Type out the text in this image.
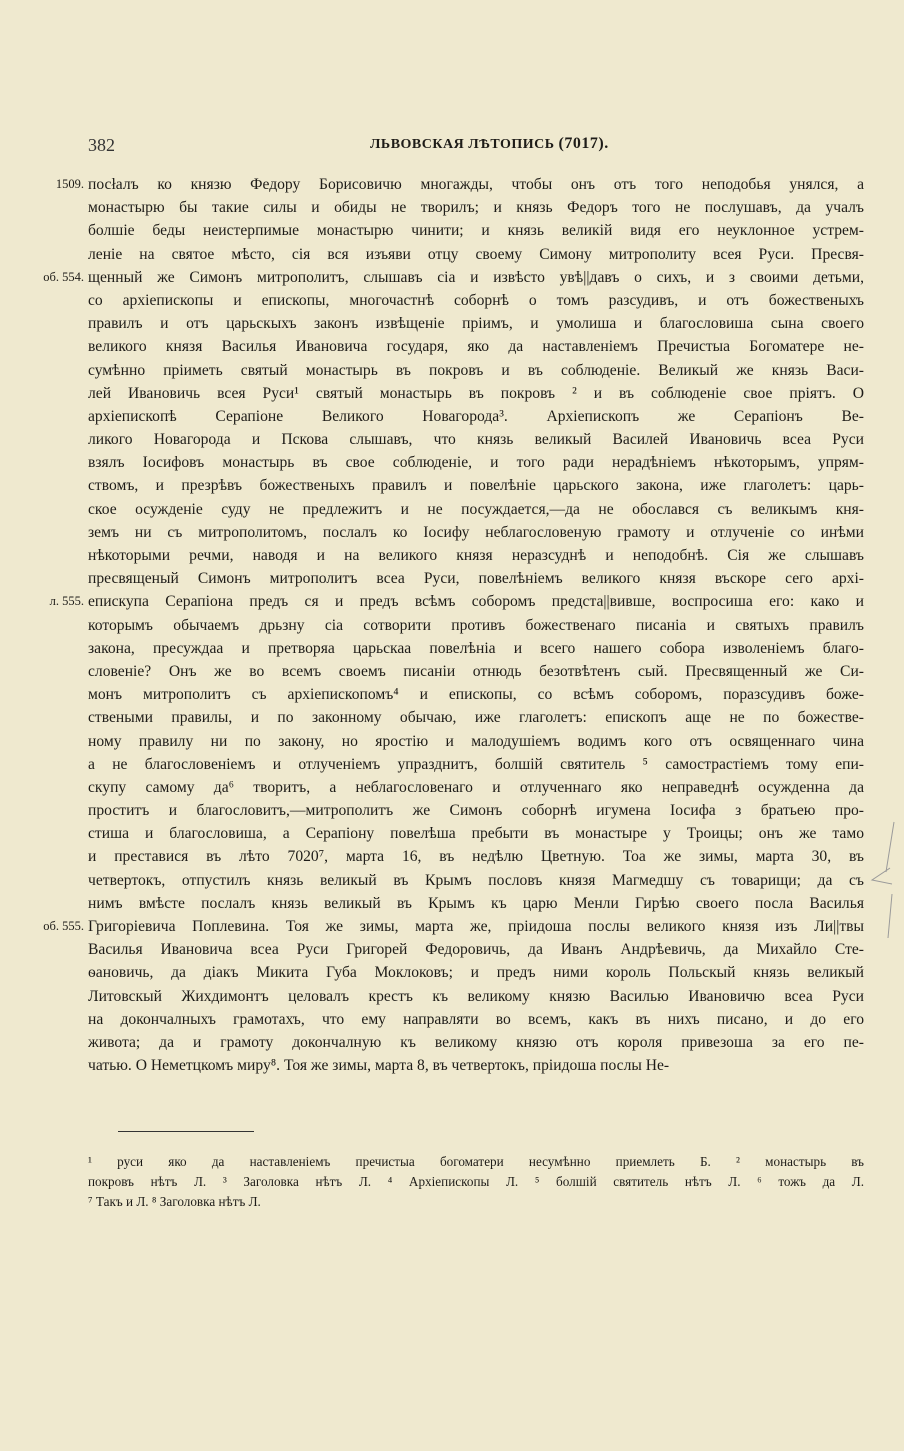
382	ЛЬВОВСКАЯ ЛѢТОПИСЬ (7017).
1509. посłалъ ко князю Федору Борисовичю многажды, чтобы онъ отъ того неподобья унялся, а
монастырю бы такие силы и обиды не творилъ; и князь Федоръ того не послушавъ, да учалъ
болшіе беды неистерпимые монастырю чинити; и князь великій видя его неуклонное устрем-
леніе на святое мѣсто, сія вся изъяви отцу своему Симону митрополиту всея Руси. Пресвя-
об. 554. щенный же Симонъ митрополитъ, слышавъ сіа и извѣсто увѣ||давъ о сихъ, и з своими детьми,
со архіепископы и епископы, многочастнѣ соборнѣ о томъ разсудивъ, и отъ божественыхъ
правилъ и отъ царьскыхъ законъ извѣщеніе пріимъ, и умолиша и благословиша сына своего
великого князя Василья Ивановича государя, яко да наставленіемъ Пречистыа Богоматере не-
сумѣнно пріиметь святый монастырь въ покровъ и въ соблюденіе. Великый же князь Васи-
лей Ивановичь всея Руси¹ святый монастырь въ покровъ ² и въ соблюденіе свое пріятъ. О
архіепископѣ Серапіоне Великого Новагорода³. Архіепископъ же Серапіонъ Ве-
ликого Новагорода и Пскова слышавъ, что князь великый Василей Ивановичь всеа Руси
взялъ Іосифовъ монастырь въ свое соблюденіе, и того ради нерадѣніемъ нѣкоторымъ, упрям-
ствомъ, и презрѣвъ божественыхъ правилъ и повелѣніе царьского закона, иже глаголетъ: царь-
ское осужденіе суду не предлежитъ и не посуждается,—да не обослався съ великымъ кня-
земъ ни съ митрополитомъ, послалъ ко Іосифу неблагословеную грамоту и отлученіе со инѣми
нѣкоторыми речми, наводя и на великого князя неразсуднѣ и неподобнѣ. Сія же слышавъ
пресвященый Симонъ митрополитъ всеа Руси, повелѣніемъ великого князя въскоре сего архі-
л. 555. епискупа Серапіона предъ ся и предъ всѣмъ соборомъ предста||вивше, воспросиша его: како и
которымъ обычаемъ дрьзну сіа сотворити противъ божественаго писаніа и святыхъ правилъ
закона, пресуждаа и претворяа царьскаа повелѣніа и всего нашего собора изволеніемъ благо-
словеніе? Онъ же во всемъ своемъ писаніи отнюдь безотвѣтенъ сый. Пресвященный же Си-
монъ митрополитъ съ архіепископомъ⁴ и епископы, со всѣмъ соборомъ, поразсудивъ боже-
ствеными правилы, и по законному обычаю, иже глаголетъ: епископъ аще не по божестве-
ному правилу ни по закону, но яростію и малодушіемъ водимъ кого отъ освященнаго чина
а не благословеніемъ и отлученіемъ упразднитъ, болшій святитель ⁵ самострастіемъ тому епи-
скупу самому да⁶ творитъ, а неблагословенаго и отлученнаго яко неправеднѣ осужденна да
проститъ и благословитъ,—митрополитъ же Симонъ соборнѣ игумена Іосифа з братьею про-
стиша и благословиша, а Серапіону повелѣша пребыти въ монастыре у Троицы; онъ же тамо
и преставися въ лѣто 7020⁷, марта 16, въ недѣлю Цветную. Тоа же зимы, марта 30, въ
четвертокъ, отпустилъ князь великый въ Крымъ пословъ князя Магмедшу съ товарищи; да съ
нимъ вмѣсте послалъ князь великый въ Крымъ къ царю Менли Гирѣю своего посла Василья
об. 555. Григоріевича Поплевина. Тоя же зимы, марта же, пріидоша послы великого князя изъ Ли||твы
Василья Ивановича всеа Руси Григорей Федоровичь, да Иванъ Андрѣевичь, да Михайло Сте-
ѳановичь, да діакъ Микита Губа Моклоковъ; и предъ ними король Польскый князь великый
Литовскый Жихдимонтъ целовалъ крестъ къ великому князю Василью Ивановичю всеа Руси
на докончалныхъ грамотахъ, что ему направляти во всемъ, какъ въ нихъ писано, и до его
живота; да и грамоту докончалную къ великому князю отъ короля привезоша за его пе-
чатью. О Неметцкомъ миру⁸. Тоя же зимы, марта 8, въ четвертокъ, пріидоша послы Не-
¹ руси яко да наставленіемъ пречистыа богоматери несумѣнно приемлеть Б. ² монастырь въ
покровъ нѣтъ Л. ³ Заголовка нѣтъ Л. ⁴ Архіепископы Л. ⁵ болшій святитель нѣтъ Л. ⁶ тожъ да Л.
⁷ Такъ и Л. ⁸ Заголовка нѣтъ Л.
